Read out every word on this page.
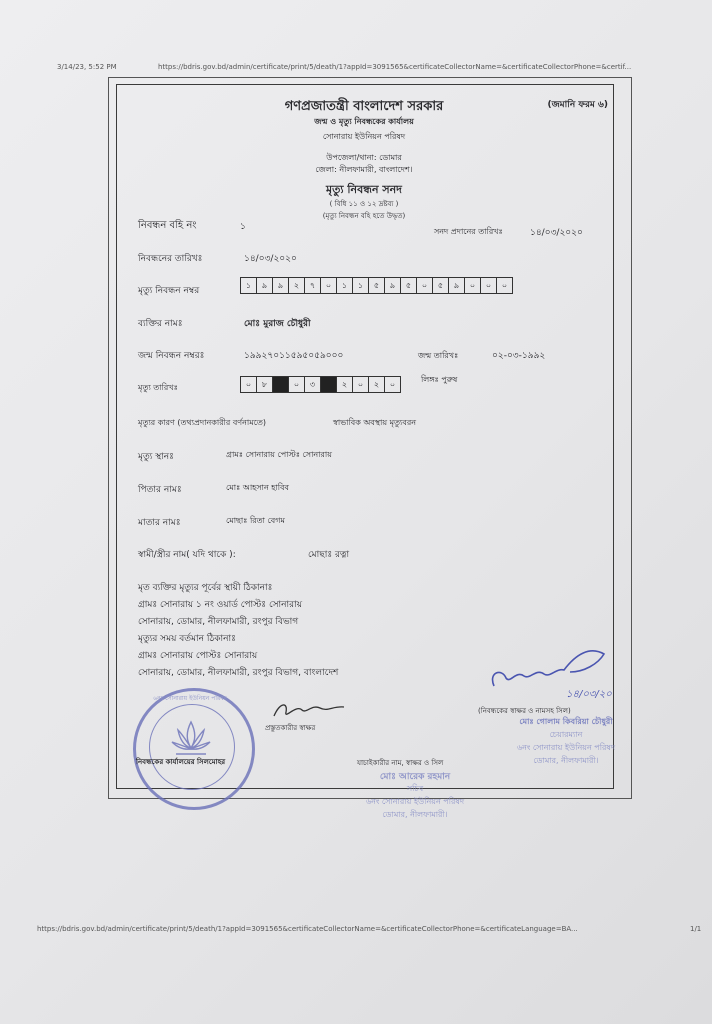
3/14/23, 5:52 PM	https://bdris.gov.bd/admin/certificate/print/5/death/1?appId=3091565&certificateCollectorName=&certificateCollectorPhone=&certif...
https://bdris.gov.bd/admin/certificate/print/5/death/1?appId=3091565&certificateCollectorName=&certificateCollectorPhone=&certificateLanguage=BA...	1/1
(জমানি ফরম ৬)
গণপ্রজাতন্ত্রী বাংলাদেশ সরকার
জন্ম ও মৃত্যু নিবন্ধকের কার্যালয়
সোনারায় ইউনিয়ন পরিষদ
উপজেলা/থানা: ডোমার
জেলা: নীলফামারী, বাংলাদেশ।
মৃত্যু নিবন্ধন সনদ
( বিধি ১১ ও ১২ দ্রষ্টব্য )
(মৃত্যু নিবন্ধন বহি হতে উদ্ধৃত)
নিবন্ধন বহি নং	১	সনদ প্রদানের তারিখঃ	১৪/০৩/২০২০
নিবন্ধনের তারিখঃ	১৪/০৩/২০২০
মৃত্যু নিবন্ধন নম্বর
১	৯	৯	২	৭	০	১	১	৫	৯	৫	০	৫	৯	০	০	০
ব্যক্তির নামঃ	মোঃ মুরাজ চৌধুরী
জন্ম নিবন্ধন নম্বরঃ	১৯৯২৭০১১৫৯৫০৫৯০০০	জন্ম তারিখঃ	০২-০৩-১৯৯২
মৃত্যু তারিখঃ	০	৮	০	৩	২	০	২	০
লিঙ্গঃ পুরুষ
মৃত্যুর কারণ (তথ্যপ্রদানকারীর বর্ণনামতে)	স্বাভাবিক অবস্থায় মৃত্যুবরন
মৃত্যু স্থানঃ	গ্রামঃ সোনারায় পোস্টঃ সোনারায়
পিতার নামঃ	মোঃ আহসান হাবিব
মাতার নামঃ	মোছাঃ রিতা বেগম
স্বামী/স্ত্রীর নাম( যদি থাকে ):	মোছাঃ রত্না
মৃত ব্যক্তির মৃত্যুর পূর্বের স্থায়ী ঠিকানাঃ
গ্রামঃ সোনারায় ১ নং ওয়ার্ড পোস্টঃ সোনারায়
সোনারায়, ডোমার, নীলফামারী, রংপুর বিভাগ
মৃত্যুর সময় বর্তমান ঠিকানাঃ
গ্রামঃ সোনারায় পোস্টঃ সোনারায়
সোনারায়, ডোমার, নীলফামারী, রংপুর বিভাগ, বাংলাদেশ
প্রস্তুতকারীর স্বাক্ষর
৬নং সোনারায় ইউনিয়ন পরিষদ
নিবন্ধকের কার্যালয়ের সিলমোহর	যাচাইকারীর নাম, স্বাক্ষর ও সিল
মোঃ আরেক রহমান
সচিব
৬নং সোনারায় ইউনিয়ন পরিষদ
ডোমার, নীলফামারী।
১৪/০৩/২০
(নিবন্ধকের স্বাক্ষর ও নামসহ সিল)
মোঃ গোলাম কিবরিয়া চৌধুরী
চেয়ারম্যান
৬নং সোনারায় ইউনিয়ন পরিষদ
ডোমার, নীলফামারী।
